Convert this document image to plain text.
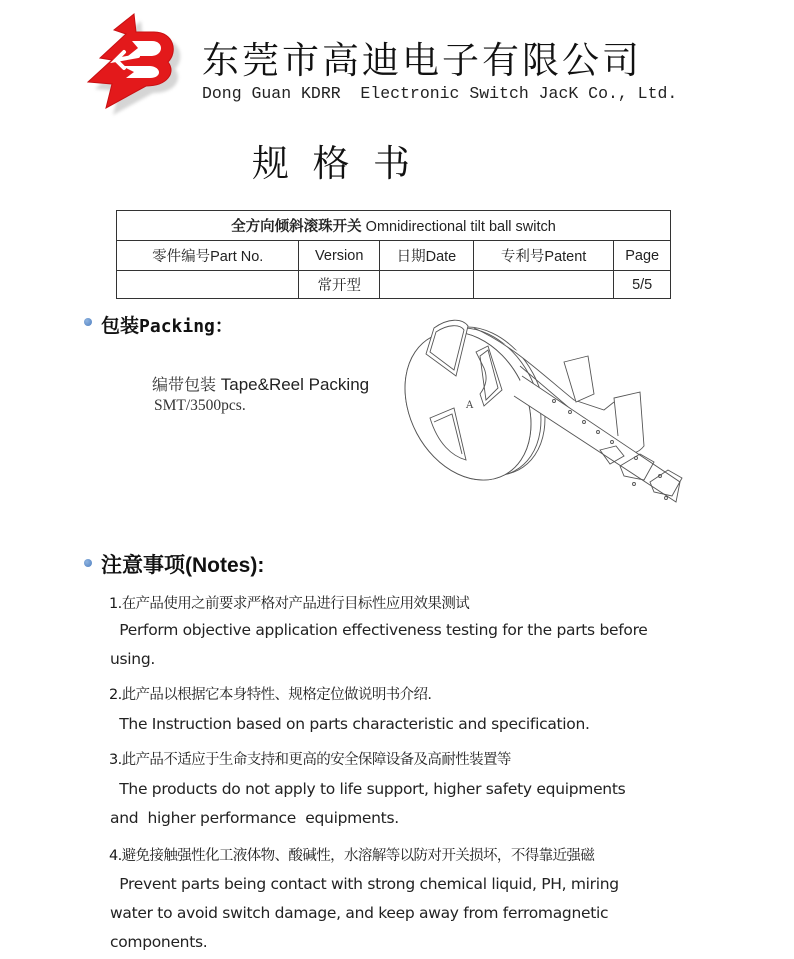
东莞市高迪电子有限公司
Dong Guan KDRR  Electronic Switch JacK Co., Ltd.
规  格  书
全方向倾斜滚珠开关 Omnidirectional tilt ball switch				
零件编号Part No.	Version	日期Date	专利号Patent	Page
	常开型			5/5
包装Packing：
编带包装 Tape&Reel Packing
SMT/3500pcs.	A
注意事项(Notes):
1.在产品使用之前要求严格对产品进行目标性应用效果测试
Perform objective application effectiveness testing for the parts before
using.
2.此产品以根据它本身特性、规格定位做说明书介绍.
The Instruction based on parts characteristic and specification.
3.此产品不适应于生命支持和更高的安全保障设备及高耐性装置等
The products do not apply to life support, higher safety equipments
and  higher performance  equipments.
4.避免接触强性化工液体物、酸碱性，水溶解等以防对开关损坏，不得靠近强磁
Prevent parts being contact with strong chemical liquid, PH, miring
water to avoid switch damage, and keep away from ferromagnetic
components.
